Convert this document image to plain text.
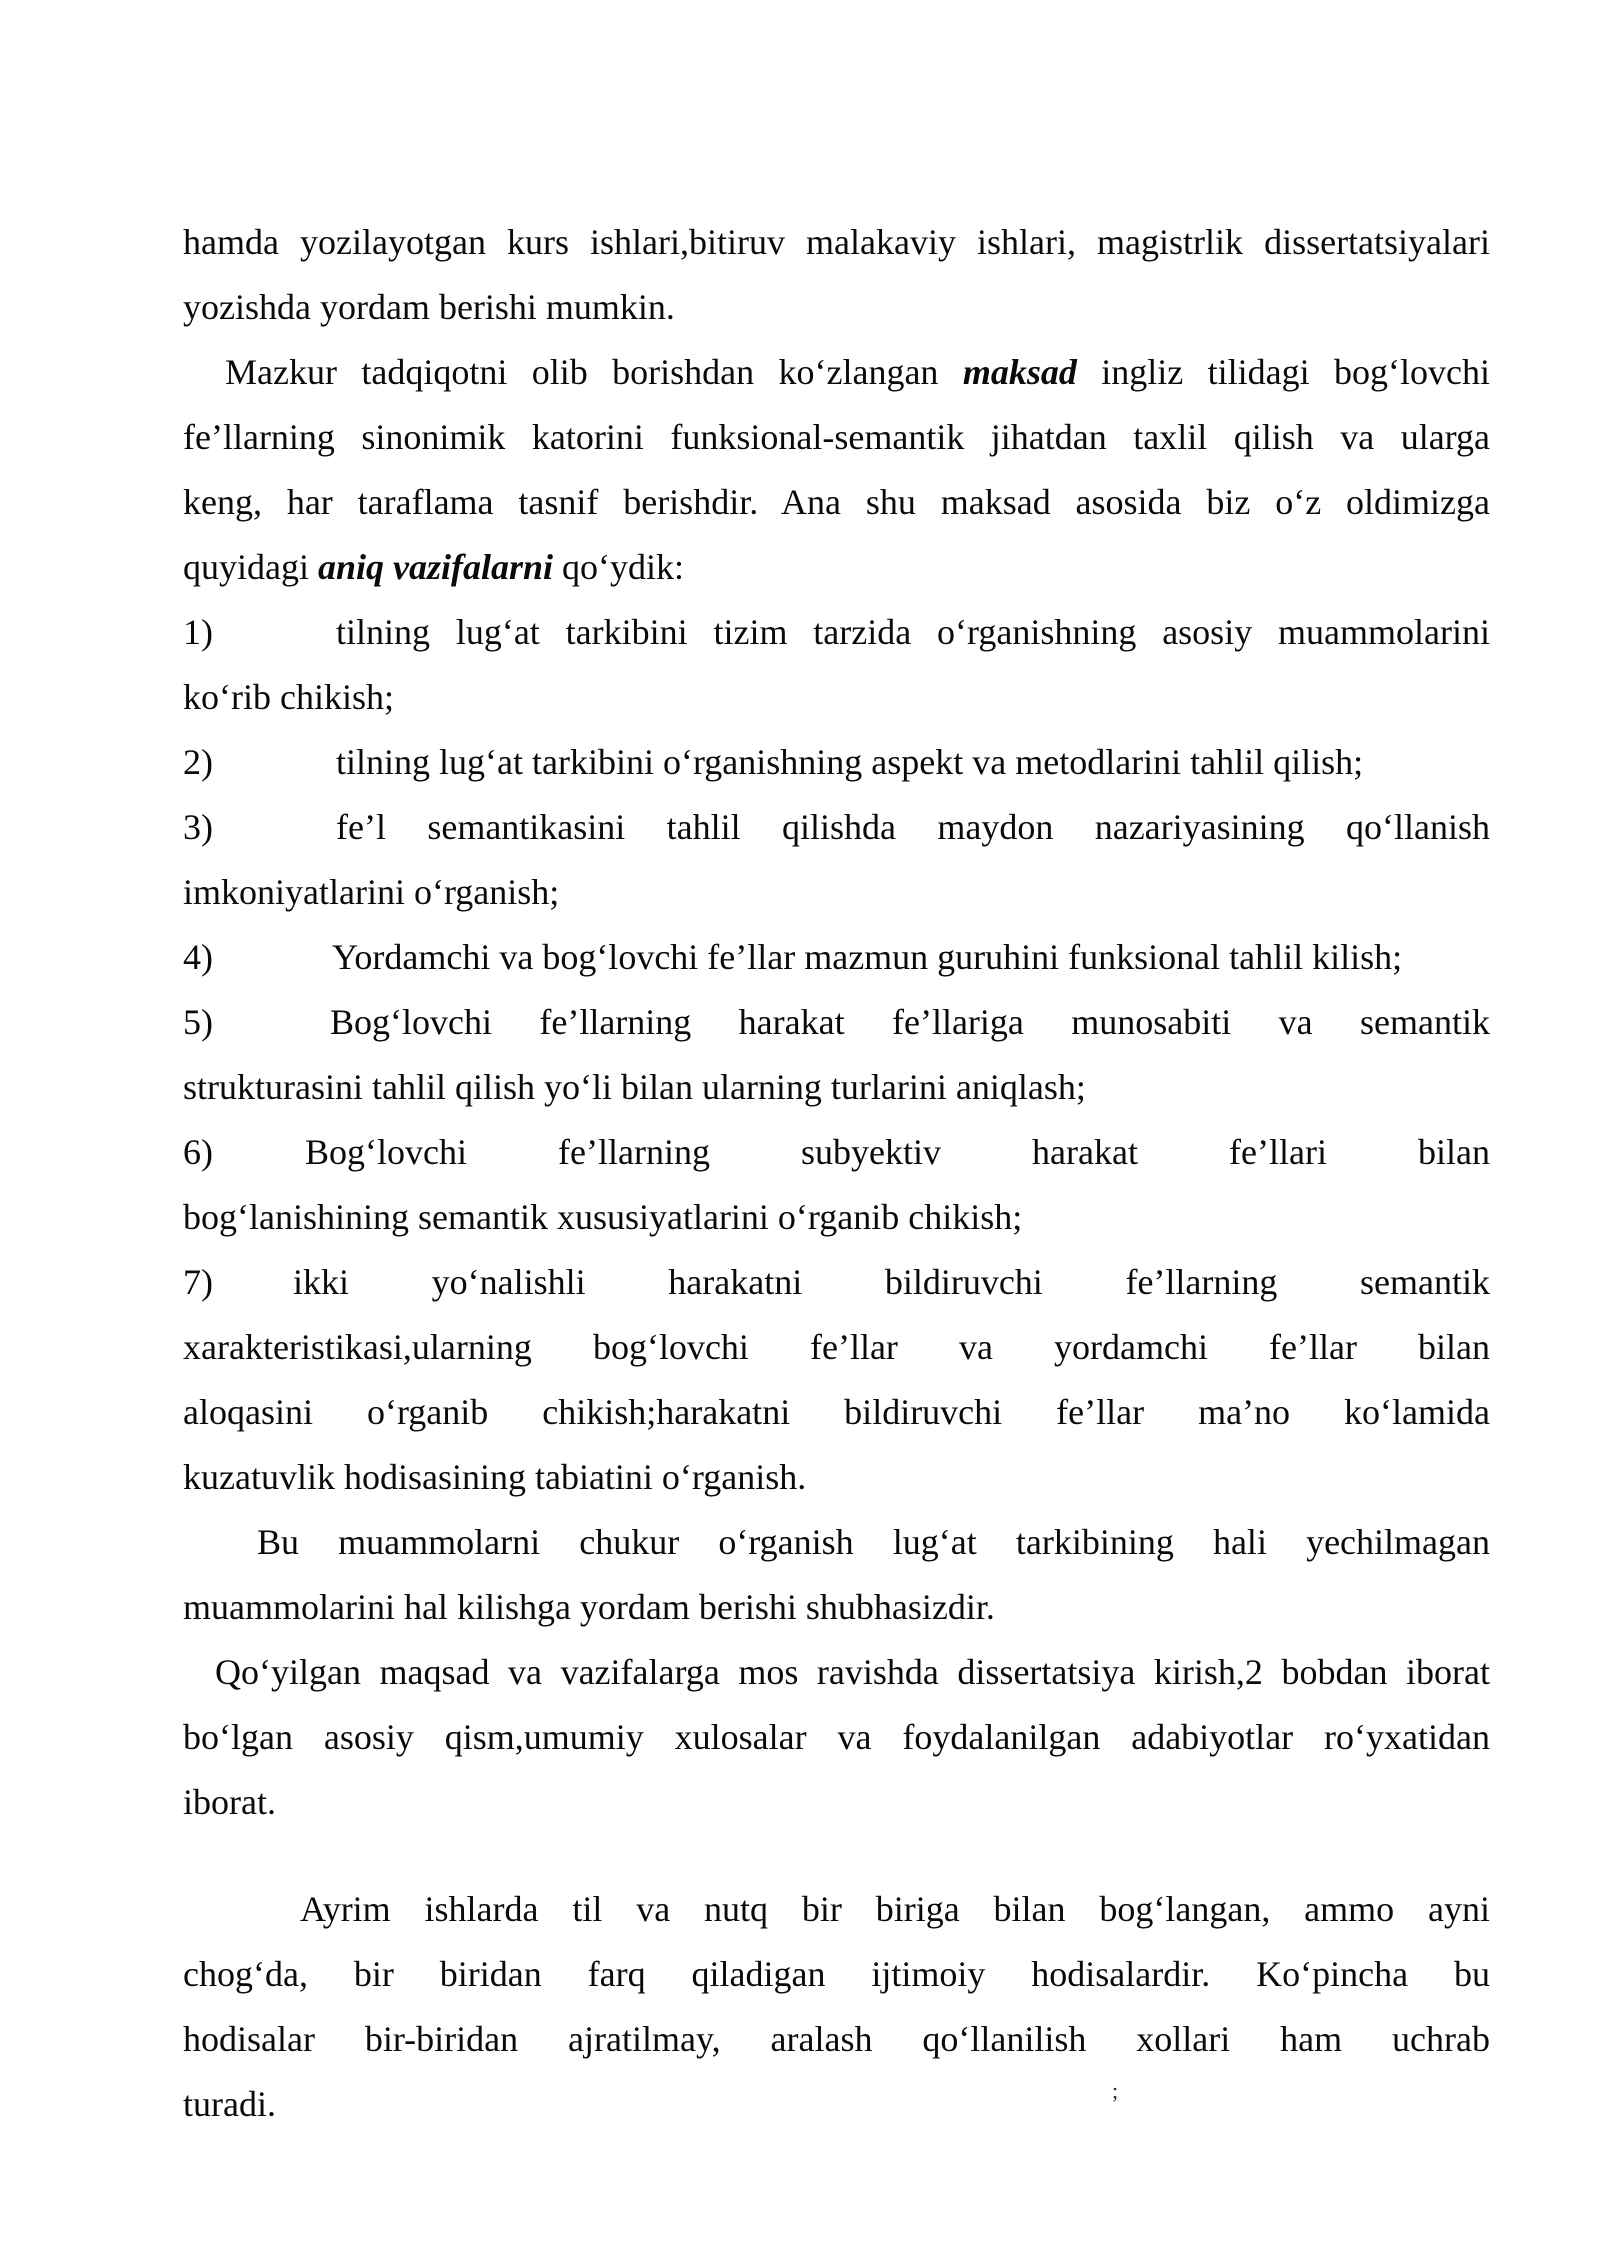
hamda yozilayotgan kurs ishlari,bitiruv malakaviy ishlari, magistrlik dissertatsiyalari
yozishda yordam berishi mumkin.
Mazkur tadqiqotni olib borishdan ko‘zlangan maksad ingliz tilidagi bog‘lovchi
fe’llarning sinonimik katorini funksional-semantik jihatdan taxlil qilish va ularga
keng, har taraflama tasnif berishdir. Ana shu maksad asosida biz o‘z oldimizga
quyidagi aniq vazifalarni qo‘ydik:
1)	tilning lug‘at tarkibini tizim tarzida o‘rganishning asosiy muammolarini
ko‘rib chikish;
2)	tilning lug‘at tarkibini o‘rganishning aspekt va metodlarini tahlil qilish;
3)	fe’l semantikasini tahlil qilishda maydon nazariyasining qo‘llanish
imkoniyatlarini o‘rganish;
4)	Yordamchi va bog‘lovchi fe’llar mazmun guruhini funksional tahlil kilish;
5)	Bog‘lovchi fe’llarning harakat fe’llariga munosabiti va semantik
strukturasini tahlil qilish yo‘li bilan ularning turlarini aniqlash;
6)	Bog‘lovchi fe’llarning subyektiv harakat fe’llari bilan
bog‘lanishining semantik xususiyatlarini o‘rganib chikish;
7) ikki yo‘nalishli harakatni bildiruvchi fe’llarning semantik
xarakteristikasi,ularning bog‘lovchi fe’llar va yordamchi fe’llar bilan
aloqasini o‘rganib chikish;harakatni bildiruvchi fe’llar ma’no ko‘lamida
kuzatuvlik hodisasining tabiatini o‘rganish.
Bu muammolarni chukur o‘rganish lug‘at tarkibining hali yechilmagan
muammolarini hal kilishga yordam berishi shubhasizdir.
Qo‘yilgan maqsad va vazifalarga mos ravishda dissertatsiya kirish,2 bobdan iborat
bo‘lgan asosiy qism,umumiy xulosalar va foydalanilgan adabiyotlar ro‘yxatidan
iborat.
Ayrim ishlarda til va nutq bir biriga bilan bog‘langan, ammo ayni
chog‘da, bir biridan farq qiladigan ijtimoiy hodisalardir. Ko‘pincha bu
hodisalar bir-biridan ajratilmay, aralash qo‘llanilish xollari ham uchrab
turadi.	;
